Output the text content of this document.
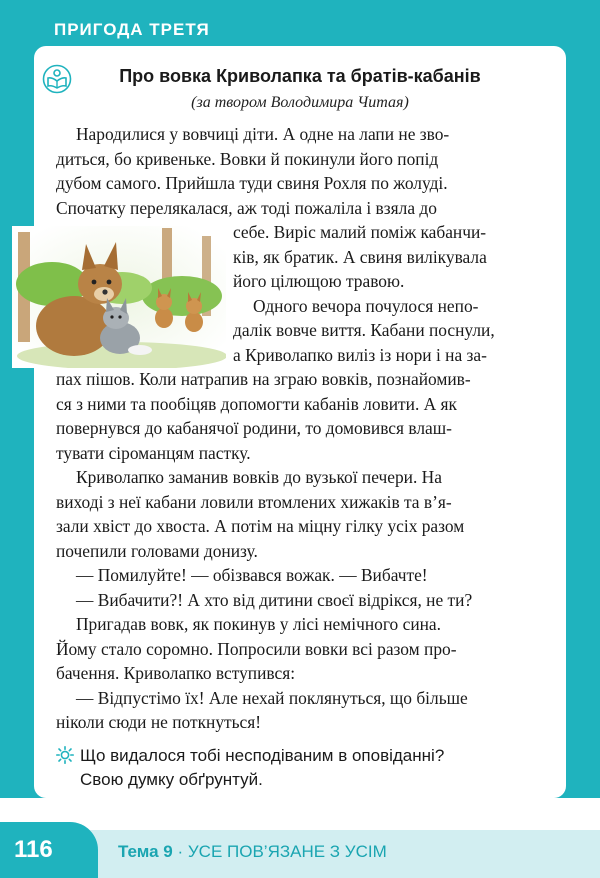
ПРИГОДА ТРЕТЯ
Про вовка Криволапка та братів-кабанів
(за твором Володимира Читая)

Народилися у вовчиці діти. А одне на лапи не зво-

диться, бо кривеньке. Вовки й покинули його попід

дубом самого. Прийшла туди свиня Рохля по жолуді.

Спочатку перелякалася, аж тоді пожаліла і взяла до

себе. Виріс малий поміж кабанчи-

ків, як братик. А свиня вилікувала

його цілющою травою.

Одного вечора почулося непо-

далік вовче виття. Кабани поснули,

а Криволапко виліз із нори і на за-

пах пішов. Коли натрапив на зграю вовків, познайомив-

ся з ними та пообіцяв допомогти кабанів ловити. А як

повернувся до кабанячої родини, то домовився влаш-

тувати сіроманцям пастку.

Криволапко заманив вовків до вузької печери. На

виході з неї кабани ловили втомлених хижаків та в’я-

зали хвіст до хвоста. А потім на міцну гілку усіх разом

почепили головами донизу.

— Помилуйте! — обізвався вожак. — Вибачте!

— Вибачити?! А хто від дитини своєї відрікся, не ти?

Пригадав вовк, як покинув у лісі немічного сина.

Йому стало соромно. Попросили вовки всі разом про-

бачення. Криволапко вступився:

— Відпустімо їх! Але нехай поклянуться, що більше

ніколи сюди не поткнуться!

Що видалося тобі несподіваним в оповіданні?
Свою думку обґрунтуй.
116	Тема 9 · УСЕ ПОВ’ЯЗАНЕ З УСІМ
